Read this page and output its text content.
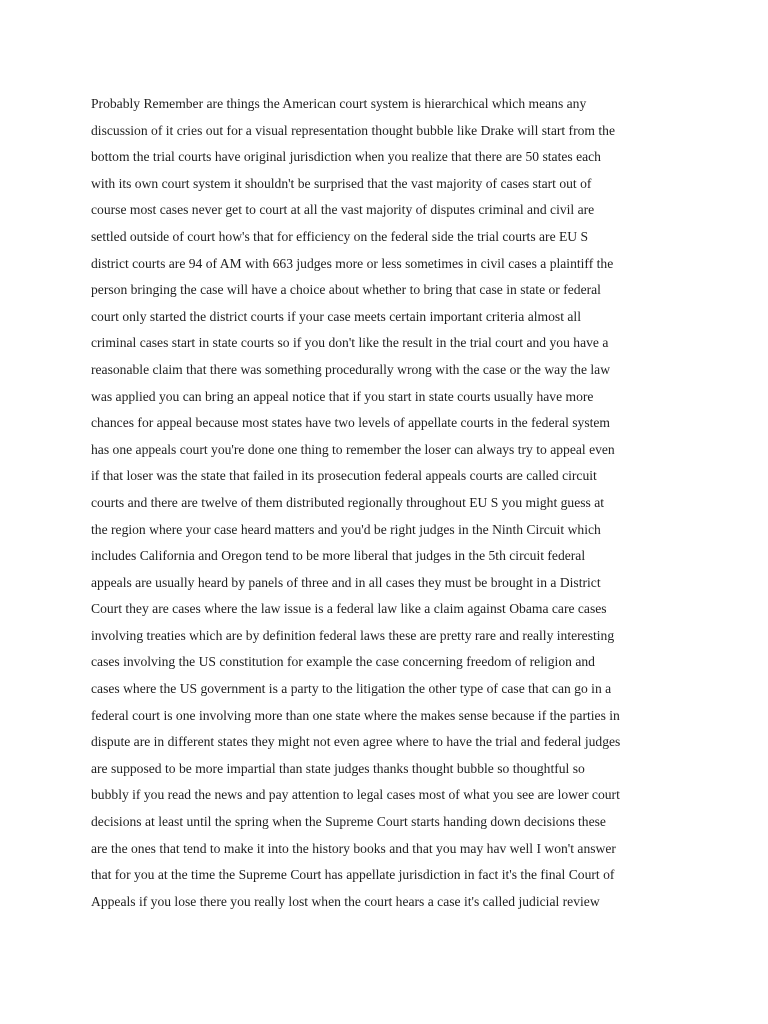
Probably Remember are things the American court system is hierarchical which means any
discussion of it cries out for a visual representation thought bubble like Drake will start from the
bottom the trial courts have original jurisdiction when you realize that there are 50 states each
with its own court system it shouldn't be surprised that the vast majority of cases start out of
course most cases never get to court at all the vast majority of disputes criminal and civil are
settled outside of court how's that for efficiency on the federal side the trial courts are EU S
district courts are 94 of AM with 663 judges more or less sometimes in civil cases a plaintiff the
person bringing the case will have a choice about whether to bring that case in state or federal
court only started the district courts if your case meets certain important criteria almost all
criminal cases start in state courts so if you don't like the result in the trial court and you have a
reasonable claim that there was something procedurally wrong with the case or the way the law
was applied you can bring an appeal notice that if you start in state courts usually have more
chances for appeal because most states have two levels of appellate courts in the federal system
has one appeals court you're done one thing to remember the loser can always try to appeal even
if that loser was the state that failed in its prosecution federal appeals courts are called circuit
courts and there are twelve of them distributed regionally throughout EU S you might guess at
the region where your case heard matters and you'd be right judges in the Ninth Circuit which
includes California and Oregon tend to be more liberal that judges in the 5th circuit federal
appeals are usually heard by panels of three and in all cases they must be brought in a District
Court they are cases where the law issue is a federal law like a claim against Obama care cases
involving treaties which are by definition federal laws these are pretty rare and really interesting
cases involving the US constitution for example the case concerning freedom of religion and
cases where the US government is a party to the litigation the other type of case that can go in a
federal court is one involving more than one state where the makes sense because if the parties in
dispute are in different states they might not even agree where to have the trial and federal judges
are supposed to be more impartial than state judges thanks thought bubble so thoughtful so
bubbly if you read the news and pay attention to legal cases most of what you see are lower court
decisions at least until the spring when the Supreme Court starts handing down decisions these
are the ones that tend to make it into the history books and that you may hav well I won't answer
that for you at the time the Supreme Court has appellate jurisdiction in fact it's the final Court of
Appeals if you lose there you really lost when the court hears a case it's called judicial review
